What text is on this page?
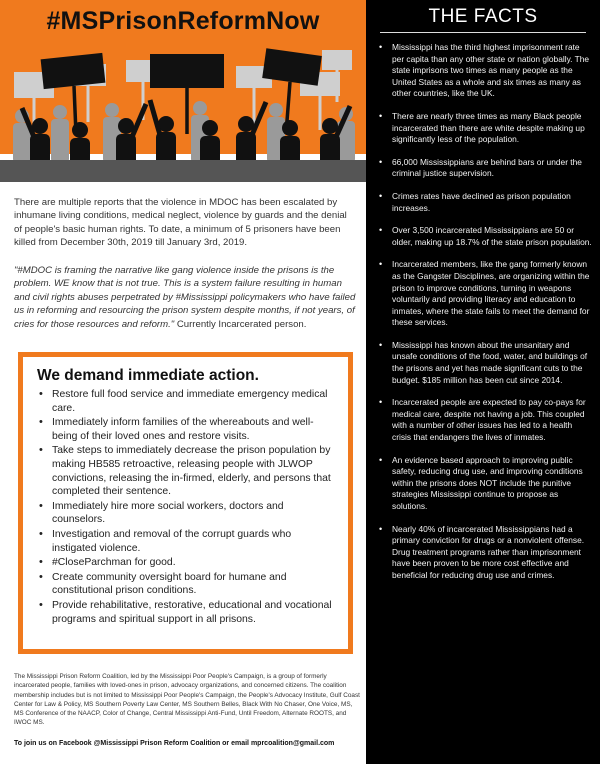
#MSPrisonReformNow

There are multiple reports that the violence in MDOC has been escalated by inhumane living conditions, medical neglect, violence by guards and the denial of people's basic human rights. To date, a minimum of 5 prisoners have been killed from December 30th, 2019 till January 3rd, 2019.

"#MDOC is framing the narrative like gang violence inside the prisons is the problem. WE know that is not true. This is a system failure resulting in human and civil rights abuses perpetrated by #Mississippi policymakers who have failed us in reforming and resourcing the prison system despite months, if not years, of cries for those resources and reform." Currently Incarcerated person.

We demand immediate action.
• Restore full food service and immediate emergency medical care.
• Immediately inform families of the whereabouts and well-being of their loved ones and restore visits.
• Take steps to immediately decrease the prison population by making HB585 retroactive, releasing people with JLWOP convictions, releasing the in-firmed, elderly, and persons that completed their sentence.
• Immediately hire more social workers, doctors and counselors.
• Investigation and removal of the corrupt guards who instigated violence.
• #CloseParchman for good.
• Create community oversight board for humane and constitutional prison conditions.
• Provide rehabilitative, restorative, educational and vocational programs and spiritual support in all prisons.

The Mississippi Prison Reform Coalition, led by the Mississippi Poor People's Campaign, is a group of formerly incarcerated people, families with loved-ones in prison, advocacy organizations, and concerned citizens. The coalition membership includes but is not limited to Mississippi Poor People's Campaign, the People's Advocacy Institute, Gulf Coast Center for Law & Policy, MS Southern Poverty Law Center, MS Southern Belles, Black With No Chaser, One Voice, MS, MS Conference of the NAACP, Color of Change, Central Mississippi Anti-Fund, Until Freedom, Alternate ROOTS, and IWOC MS.

To join us on Facebook @Mississippi Prison Reform Coalition or email mprcoalition@gmail.com

THE FACTS
• Mississippi has the third highest imprisonment rate per capita than any other state or nation globally. The state imprisons two times as many people as the United States as a whole and six times as many as other countries, like the UK.
• There are nearly three times as many Black people incarcerated than there are white despite making up significantly less of the population.
• 66,000 Mississippians are behind bars or under the criminal justice supervision.
• Crimes rates have declined as prison population increases.
• Over 3,500 incarcerated Mississippians are 50 or older, making up 18.7% of the state prison population.
• Incarcerated members, like the gang formerly known as the Gangster Disciplines, are organizing within the prison to improve conditions, turning in weapons voluntarily and providing literacy and education to inmates, where the state fails to meet the demand for these services.
• Mississippi has known about the unsanitary and unsafe conditions of the food, water, and buildings of the prisons and yet has made significant cuts to the budget. $185 million has been cut since 2014.
• Incarcerated people are expected to pay co-pays for medical care, despite not having a job. This coupled with a number of other issues has led to a health crisis that endangers the lives of inmates.
• An evidence based approach to improving public safety, reducing drug use, and improving conditions within the prisons does NOT include the punitive strategies Mississippi continue to propose as solutions.
• Nearly 40% of incarcerated Mississippians had a primary conviction for drugs or a nonviolent offense. Drug treatment programs rather than imprisonment have been proven to be more cost effective and beneficial for reducing drug use and crimes.
